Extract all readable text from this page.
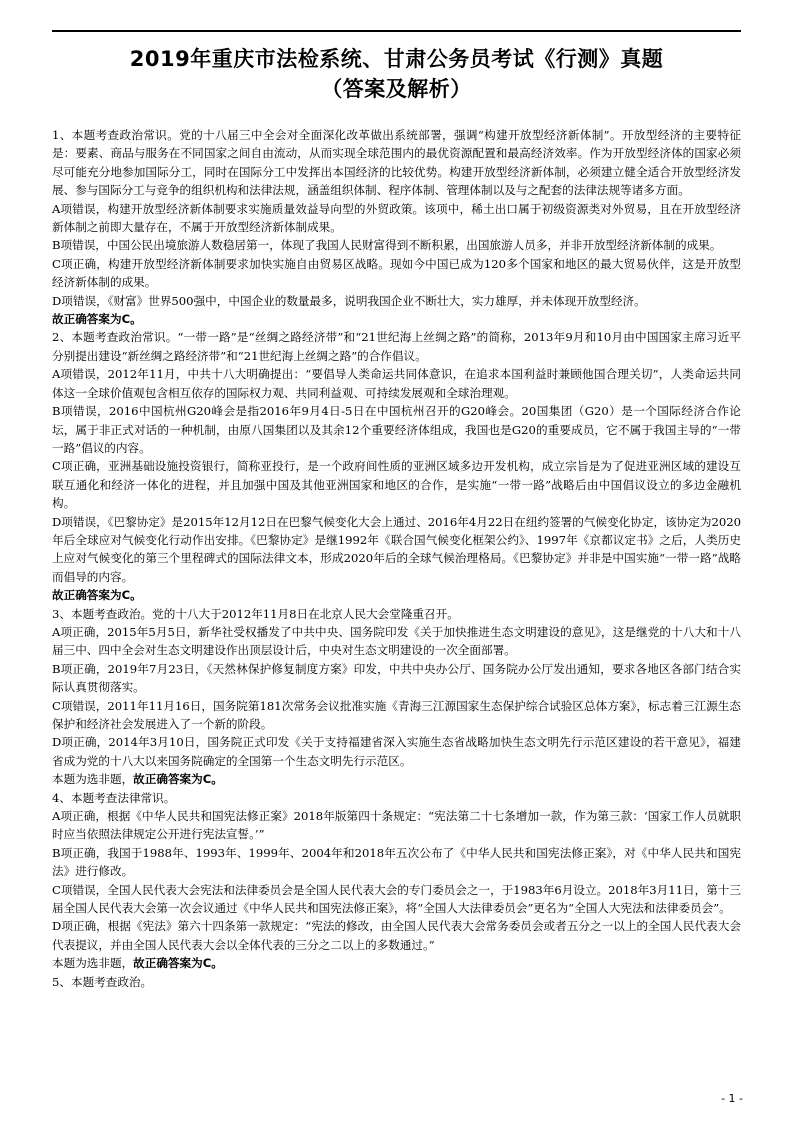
2019年重庆市法检系统、甘肃公务员考试《行测》真题
（答案及解析）

1、本题考查政治常识。党的十八届三中全会对全面深化改革做出系统部署，强调“构建开放型经济新体制”。开放型经济的主要特征是：要素、商品与服务在不同国家之间自由流动，从而实现全球范围内的最优资源配置和最高经济效率。作为开放型经济体的国家必须尽可能充分地参加国际分工，同时在国际分工中发挥出本国经济的比较优势。构建开放型经济新体制，必须建立健全适合开放型经济发展、参与国际分工与竞争的组织机构和法律法规，涵盖组织体制、程序体制、管理体制以及与之配套的法律法规等诸多方面。

A项错误，构建开放型经济新体制要求实施质量效益导向型的外贸政策。该项中，稀土出口属于初级资源类对外贸易，且在开放型经济新体制之前即大量存在，不属于开放型经济新体制成果。

B项错误，中国公民出境旅游人数稳居第一，体现了我国人民财富得到不断积累，出国旅游人员多，并非开放型经济新体制的成果。

C项正确，构建开放型经济新体制要求加快实施自由贸易区战略。现如今中国已成为120多个国家和地区的最大贸易伙伴，这是开放型经济新体制的成果。

D项错误，《财富》世界500强中，中国企业的数量最多，说明我国企业不断壮大，实力雄厚，并未体现开放型经济。

故正确答案为C。

2、本题考查政治常识。“一带一路”是“丝绸之路经济带”和“21世纪海上丝绸之路”的简称，2013年9月和10月由中国国家主席习近平分别提出建设“新丝绸之路经济带”和“21世纪海上丝绸之路”的合作倡议。

A项错误，2012年11月，中共十八大明确提出：“要倡导人类命运共同体意识，在追求本国利益时兼顾他国合理关切”，人类命运共同体这一全球价值观包含相互依存的国际权力观、共同利益观、可持续发展观和全球治理观。

B项错误，2016中国杭州G20峰会是指2016年9月4日-5日在中国杭州召开的G20峰会。20国集团（G20）是一个国际经济合作论坛，属于非正式对话的一种机制，由原八国集团以及其余12个重要经济体组成，我国也是G20的重要成员，它不属于我国主导的“一带一路”倡议的内容。

C项正确，亚洲基础设施投资银行，简称亚投行，是一个政府间性质的亚洲区域多边开发机构，成立宗旨是为了促进亚洲区域的建设互联互通化和经济一体化的进程，并且加强中国及其他亚洲国家和地区的合作，是实施“一带一路”战略后由中国倡议设立的多边金融机构。

D项错误，《巴黎协定》是2015年12月12日在巴黎气候变化大会上通过、2016年4月22日在纽约签署的气候变化协定，该协定为2020年后全球应对气候变化行动作出安排。《巴黎协定》是继1992年《联合国气候变化框架公约》、1997年《京都议定书》之后，人类历史上应对气候变化的第三个里程碑式的国际法律文本，形成2020年后的全球气候治理格局。《巴黎协定》并非是中国实施“一带一路”战略而倡导的内容。

故正确答案为C。

3、本题考查政治。党的十八大于2012年11月8日在北京人民大会堂隆重召开。

A项正确，2015年5月5日，新华社受权播发了中共中央、国务院印发《关于加快推进生态文明建设的意见》，这是继党的十八大和十八届三中、四中全会对生态文明建设作出顶层设计后，中央对生态文明建设的一次全面部署。

B项正确，2019年7月23日，《天然林保护修复制度方案》印发，中共中央办公厅、国务院办公厅发出通知，要求各地区各部门结合实际认真贯彻落实。

C项错误，2011年11月16日，国务院第181次常务会议批准实施《青海三江源国家生态保护综合试验区总体方案》，标志着三江源生态保护和经济社会发展进入了一个新的阶段。

D项正确，2014年3月10日，国务院正式印发《关于支持福建省深入实施生态省战略加快生态文明先行示范区建设的若干意见》，福建省成为党的十八大以来国务院确定的全国第一个生态文明先行示范区。

本题为选非题，故正确答案为C。

4、本题考查法律常识。

A项正确，根据《中华人民共和国宪法修正案》2018年版第四十条规定：“宪法第二十七条增加一款，作为第三款：‘国家工作人员就职时应当依照法律规定公开进行宪法宣誓。’”

B项正确，我国于1988年、1993年、1999年、2004年和2018年五次公布了《中华人民共和国宪法修正案》，对《中华人民共和国宪法》进行修改。

C项错误，全国人民代表大会宪法和法律委员会是全国人民代表大会的专门委员会之一，于1983年6月设立。2018年3月11日，第十三届全国人民代表大会第一次会议通过《中华人民共和国宪法修正案》，将“全国人大法律委员会”更名为“全国人大宪法和法律委员会”。

D项正确，根据《宪法》第六十四条第一款规定：“宪法的修改，由全国人民代表大会常务委员会或者五分之一以上的全国人民代表大会代表提议，并由全国人民代表大会以全体代表的三分之二以上的多数通过。”

本题为选非题，故正确答案为C。

5、本题考查政治。

- 1 -
